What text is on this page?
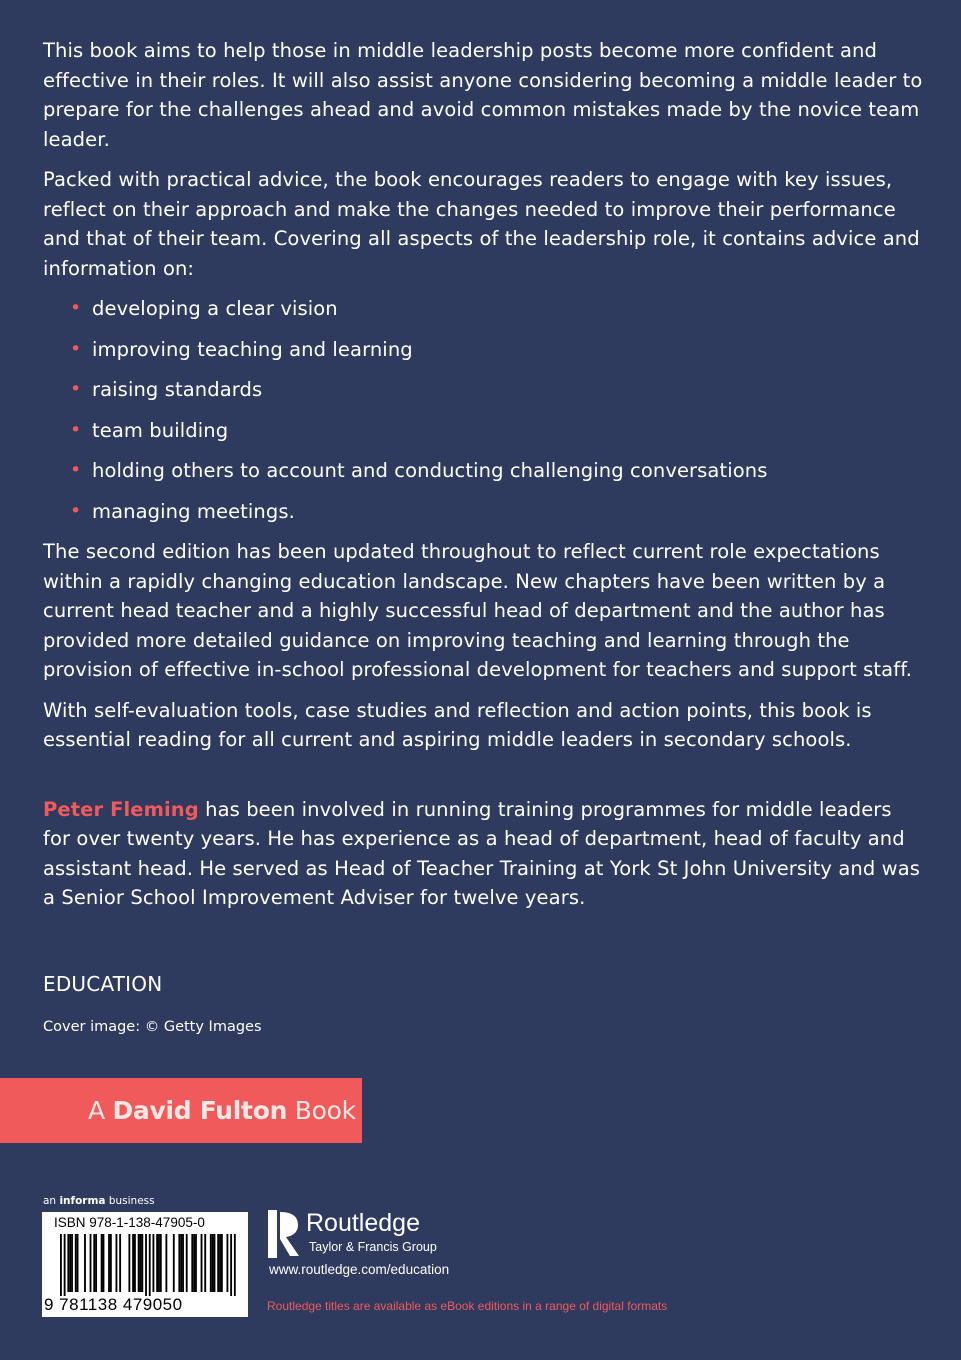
This book aims to help those in middle leadership posts become more confident and effective in their roles. It will also assist anyone considering becoming a middle leader to prepare for the challenges ahead and avoid common mistakes made by the novice team leader.

Packed with practical advice, the book encourages readers to engage with key issues, reflect on their approach and make the changes needed to improve their performance and that of their team. Covering all aspects of the leadership role, it contains advice and information on:

• developing a clear vision
• improving teaching and learning
• raising standards
• team building
• holding others to account and conducting challenging conversations
• managing meetings.

The second edition has been updated throughout to reflect current role expectations within a rapidly changing education landscape. New chapters have been written by a current head teacher and a highly successful head of department and the author has provided more detailed guidance on improving teaching and learning through the provision of effective in-school professional development for teachers and support staff.

With self-evaluation tools, case studies and reflection and action points, this book is essential reading for all current and aspiring middle leaders in secondary schools.

Peter Fleming has been involved in running training programmes for middle leaders for over twenty years. He has experience as a head of department, head of faculty and assistant head. He served as Head of Teacher Training at York St John University and was a Senior School Improvement Adviser for twelve years.

EDUCATION
Cover image: © Getty Images
A David Fulton Book
an informa business
ISBN 978-1-138-47905-0
9 781138 479050
Routledge
Taylor & Francis Group
www.routledge.com/education
Routledge titles are available as eBook editions in a range of digital formats
